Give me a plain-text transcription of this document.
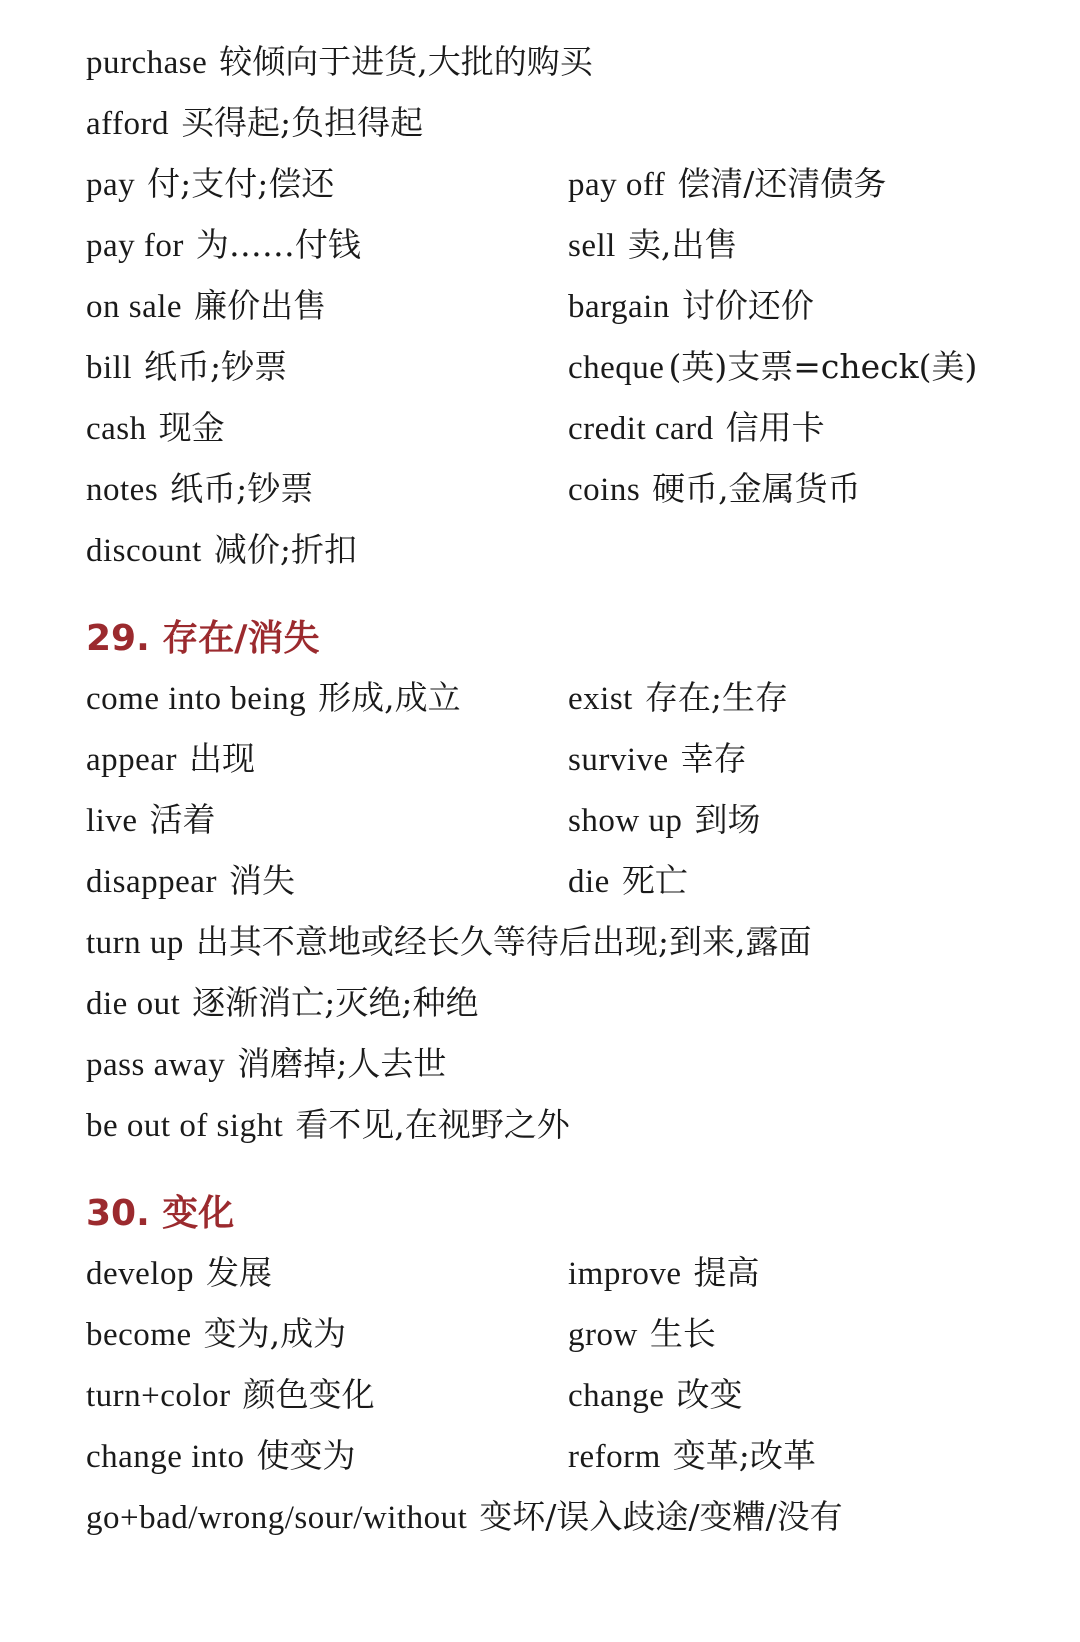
purchase 较倾向于进货,大批的购买
afford 买得起;负担得起
pay 付;支付;偿还	pay off 偿清/还清债务
pay for 为……付钱	sell 卖,出售
on sale 廉价出售	bargain 讨价还价
bill 纸币;钞票	cheque (英)支票=check(美)
cash 现金	credit card 信用卡
notes 纸币;钞票	coins 硬币,金属货币
discount 减价;折扣
29. 存在/消失
come into being 形成,成立	exist 存在;生存
appear 出现	survive 幸存
live 活着	show up 到场
disappear 消失	die 死亡
turn up 出其不意地或经长久等待后出现;到来,露面
die out 逐渐消亡;灭绝;种绝
pass away 消磨掉;人去世
be out of sight 看不见,在视野之外
30. 变化
develop 发展	improve 提高
become 变为,成为	grow 生长
turn+color 颜色变化	change 改变
change into 使变为	reform 变革;改革
go+bad/wrong/sour/without 变坏/误入歧途/变糟/没有
